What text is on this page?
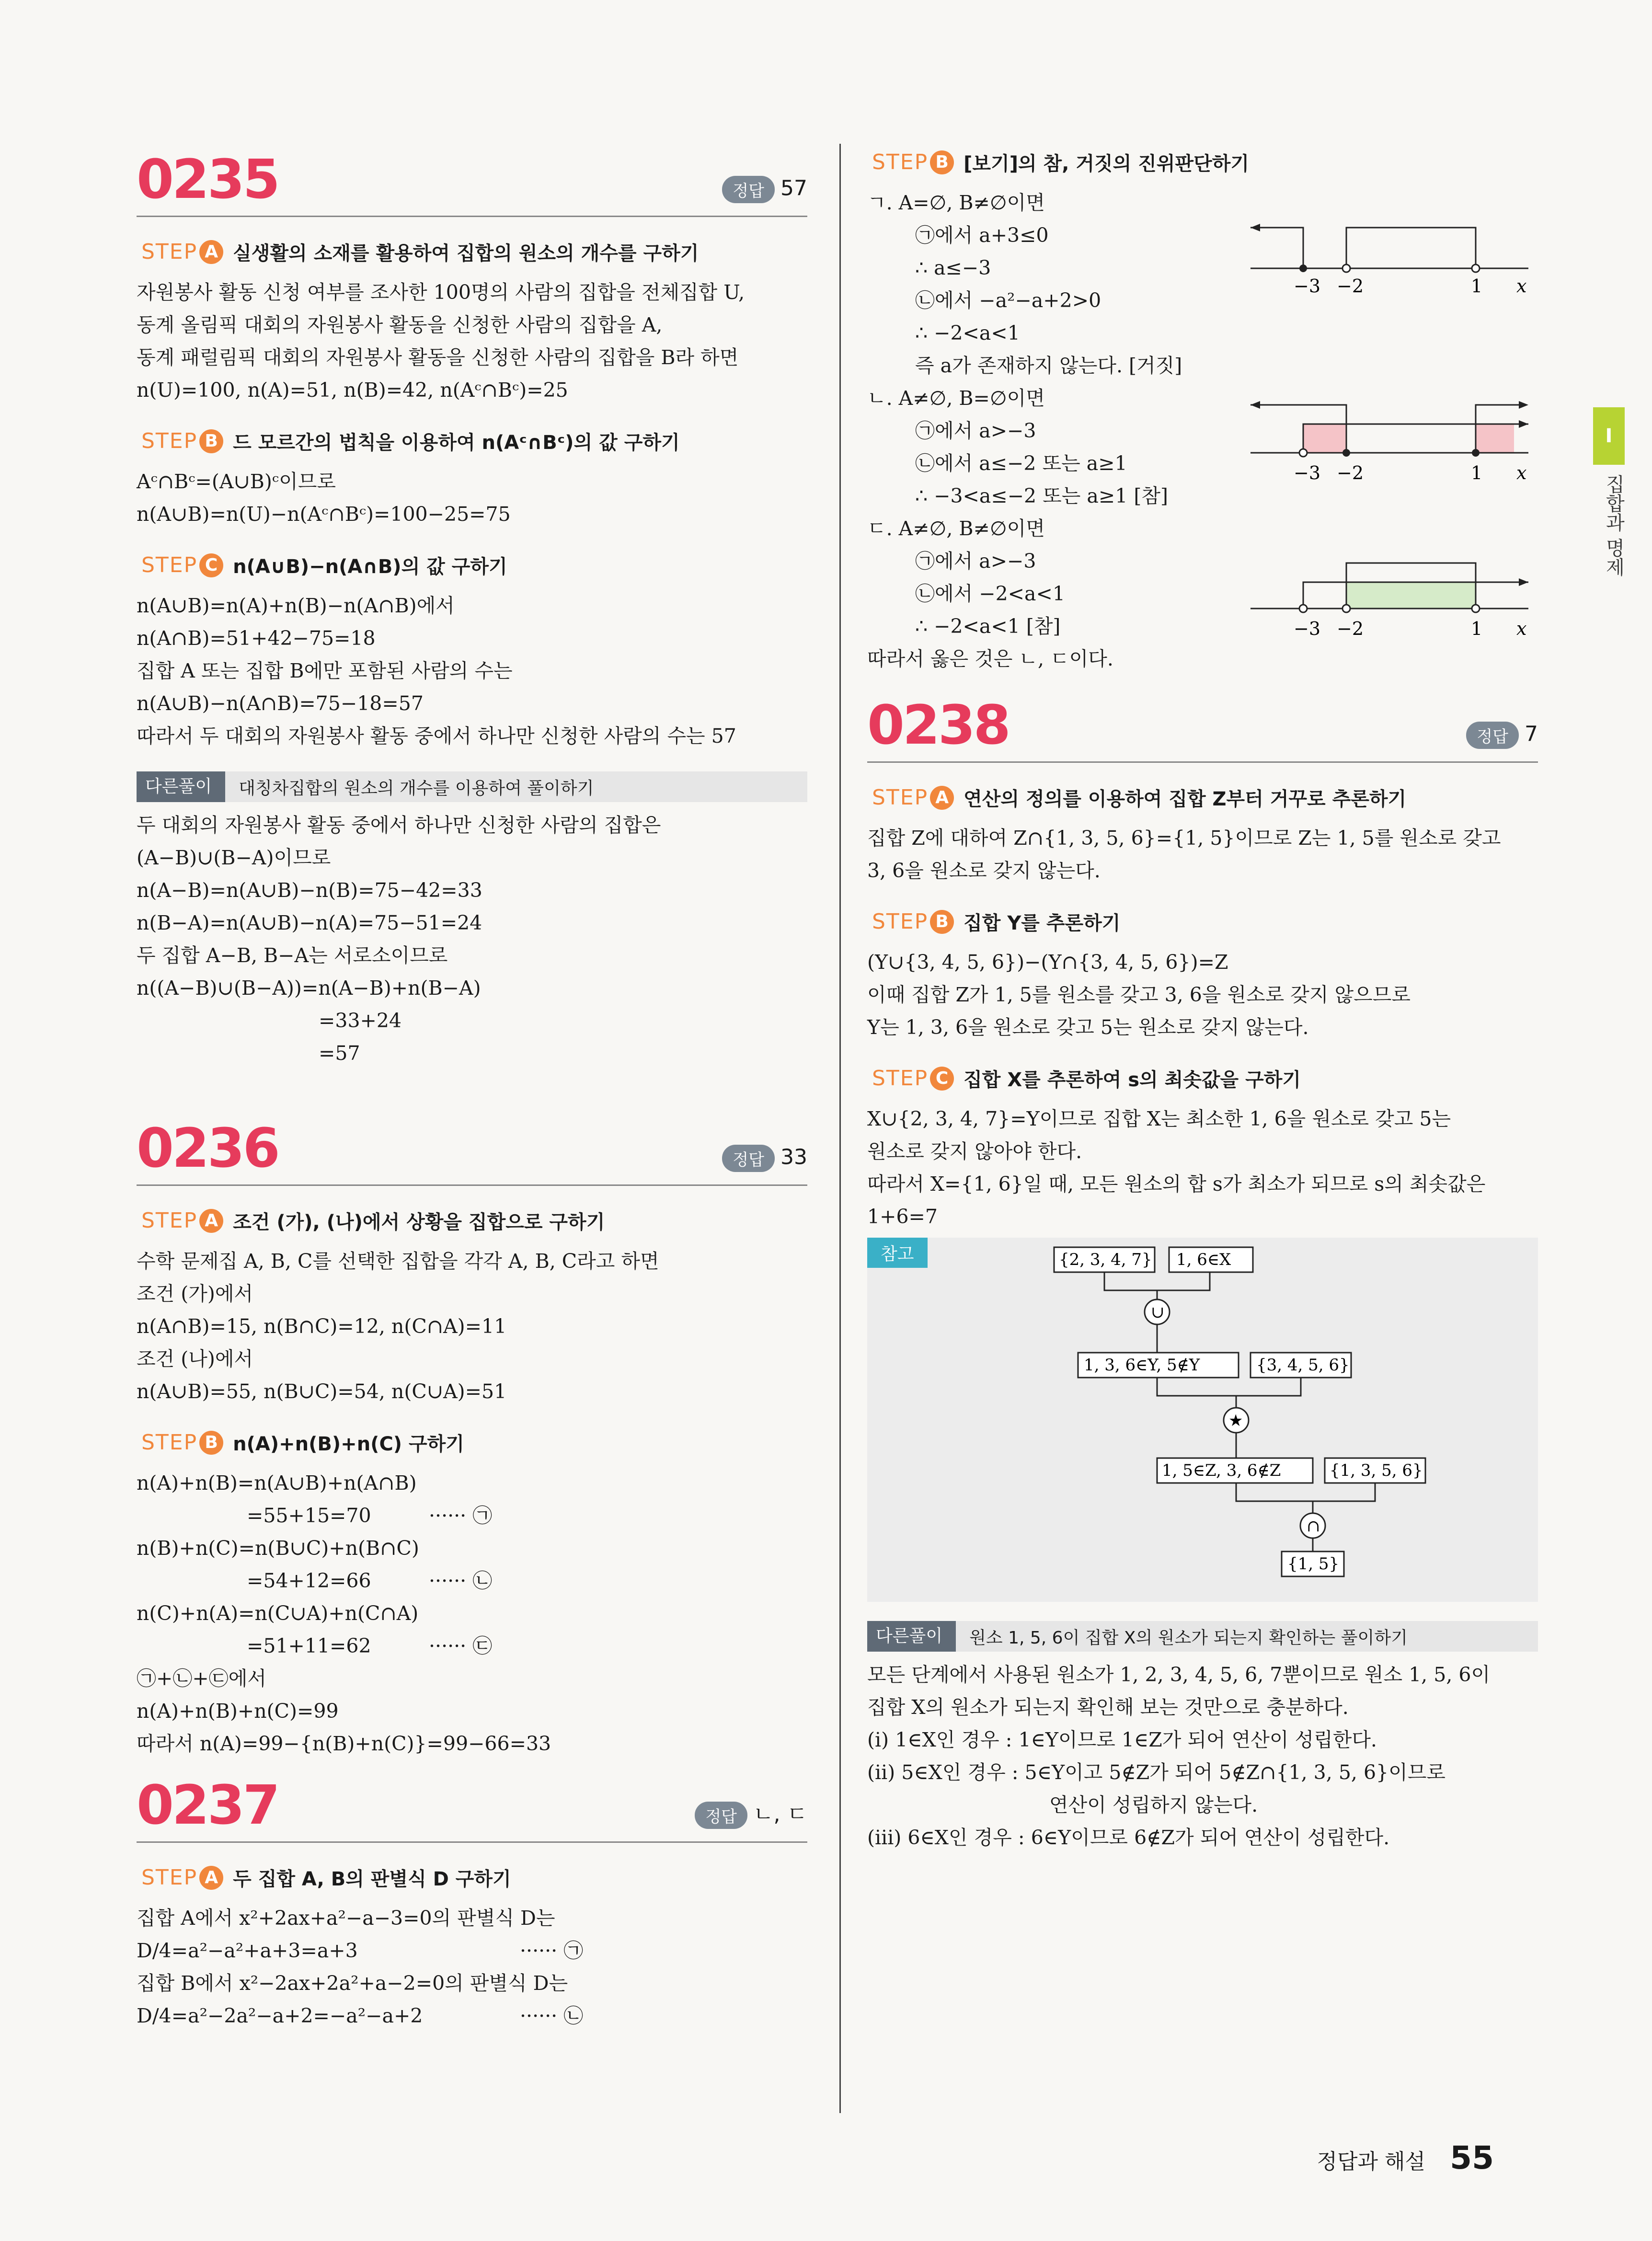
I
집합과 명제
0235	정답 57
STEP A 실생활의 소재를 활용하여 집합의 원소의 개수를 구하기
자원봉사 활동 신청 여부를 조사한 100명의 사람의 집합을 전체집합 U,
동계 올림픽 대회의 자원봉사 활동을 신청한 사람의 집합을 A,
동계 패럴림픽 대회의 자원봉사 활동을 신청한 사람의 집합을 B라 하면
n(U)=100, n(A)=51, n(B)=42, n(Aᶜ∩Bᶜ)=25
STEP B 드 모르간의 법칙을 이용하여 n(Aᶜ∩Bᶜ)의 값 구하기
Aᶜ∩Bᶜ=(A∪B)ᶜ이므로
n(A∪B)=n(U)−n(Aᶜ∩Bᶜ)=100−25=75
STEP C n(A∪B)−n(A∩B)의 값 구하기
n(A∪B)=n(A)+n(B)−n(A∩B)에서
n(A∩B)=51+42−75=18
집합 A 또는 집합 B에만 포함된 사람의 수는
n(A∪B)−n(A∩B)=75−18=57
따라서 두 대회의 자원봉사 활동 중에서 하나만 신청한 사람의 수는 57
다른풀이	대칭차집합의 원소의 개수를 이용하여 풀이하기
두 대회의 자원봉사 활동 중에서 하나만 신청한 사람의 집합은
(A−B)∪(B−A)이므로
n(A−B)=n(A∪B)−n(B)=75−42=33
n(B−A)=n(A∪B)−n(A)=75−51=24
두 집합 A−B, B−A는 서로소이므로
n((A−B)∪(B−A))=n(A−B)+n(B−A)
=33+24
=57
0236	정답 33
STEP A 조건 (가), (나)에서 상황을 집합으로 구하기
수학 문제집 A, B, C를 선택한 집합을 각각 A, B, C라고 하면
조건 (가)에서
n(A∩B)=15, n(B∩C)=12, n(C∩A)=11
조건 (나)에서
n(A∪B)=55, n(B∪C)=54, n(C∪A)=51
STEP B n(A)+n(B)+n(C) 구하기
n(A)+n(B)=n(A∪B)+n(A∩B)
=55+15=70	······ ㉠
n(B)+n(C)=n(B∪C)+n(B∩C)
=54+12=66	······ ㉡
n(C)+n(A)=n(C∪A)+n(C∩A)
=51+11=62	······ ㉢
㉠+㉡+㉢에서
n(A)+n(B)+n(C)=99
따라서 n(A)=99−{n(B)+n(C)}=99−66=33
0237	정답 ㄴ, ㄷ
STEP A 두 집합 A, B의 판별식 D 구하기
집합 A에서 x²+2ax+a²−a−3=0의 판별식 D는
D/4=a²−a²+a+3=a+3	······ ㉠
집합 B에서 x²−2ax+2a²+a−2=0의 판별식 D는
D/4=a²−2a²−a+2=−a²−a+2	······ ㉡
STEP B [보기]의 참, 거짓의 진위판단하기
ㄱ. A=∅, B≠∅이면
㉠에서 a+3≤0
∴ a≤−3
㉡에서 −a²−a+2>0
∴ −2<a<1
즉 a가 존재하지 않는다. [거짓]
ㄴ. A≠∅, B=∅이면
㉠에서 a>−3
㉡에서 a≤−2 또는 a≥1
∴ −3<a≤−2 또는 a≥1 [참]
ㄷ. A≠∅, B≠∅이면
㉠에서 a>−3
㉡에서 −2<a<1
∴ −2<a<1 [참]
따라서 옳은 것은 ㄴ, ㄷ이다.
−3 −2	1 x
−3 −2	1 x
−3 −2	1 x
0238	정답 7
STEP A 연산의 정의를 이용하여 집합 Z부터 거꾸로 추론하기
집합 Z에 대하여 Z∩{1, 3, 5, 6}={1, 5}이므로 Z는 1, 5를 원소로 갖고
3, 6을 원소로 갖지 않는다.
STEP B 집합 Y를 추론하기
(Y∪{3, 4, 5, 6})−(Y∩{3, 4, 5, 6})=Z
이때 집합 Z가 1, 5를 원소를 갖고 3, 6을 원소로 갖지 않으므로
Y는 1, 3, 6을 원소로 갖고 5는 원소로 갖지 않는다.
STEP C 집합 X를 추론하여 s의 최솟값을 구하기
X∪{2, 3, 4, 7}=Y이므로 집합 X는 최소한 1, 6을 원소로 갖고 5는
원소로 갖지 않아야 한다.
따라서 X={1, 6}일 때, 모든 원소의 합 s가 최소가 되므로 s의 최솟값은
1+6=7
참고	{2, 3, 4, 7} 1, 6∈X
∪
1, 3, 6∈Y, 5∉Y	{3, 4, 5, 6}
★
1, 5∈Z, 3, 6∉Z	{1, 3, 5, 6}
∩
{1, 5}
다른풀이	원소 1, 5, 6이 집합 X의 원소가 되는지 확인하는 풀이하기
모든 단계에서 사용된 원소가 1, 2, 3, 4, 5, 6, 7뿐이므로 원소 1, 5, 6이
집합 X의 원소가 되는지 확인해 보는 것만으로 충분하다.
(ⅰ) 1∈X인 경우 : 1∈Y이므로 1∈Z가 되어 연산이 성립한다.
(ⅱ) 5∈X인 경우 : 5∈Y이고 5∉Z가 되어 5∉Z∩{1, 3, 5, 6}이므로
연산이 성립하지 않는다.
(ⅲ) 6∈X인 경우 : 6∈Y이므로 6∉Z가 되어 연산이 성립한다.
정답과 해설 55
